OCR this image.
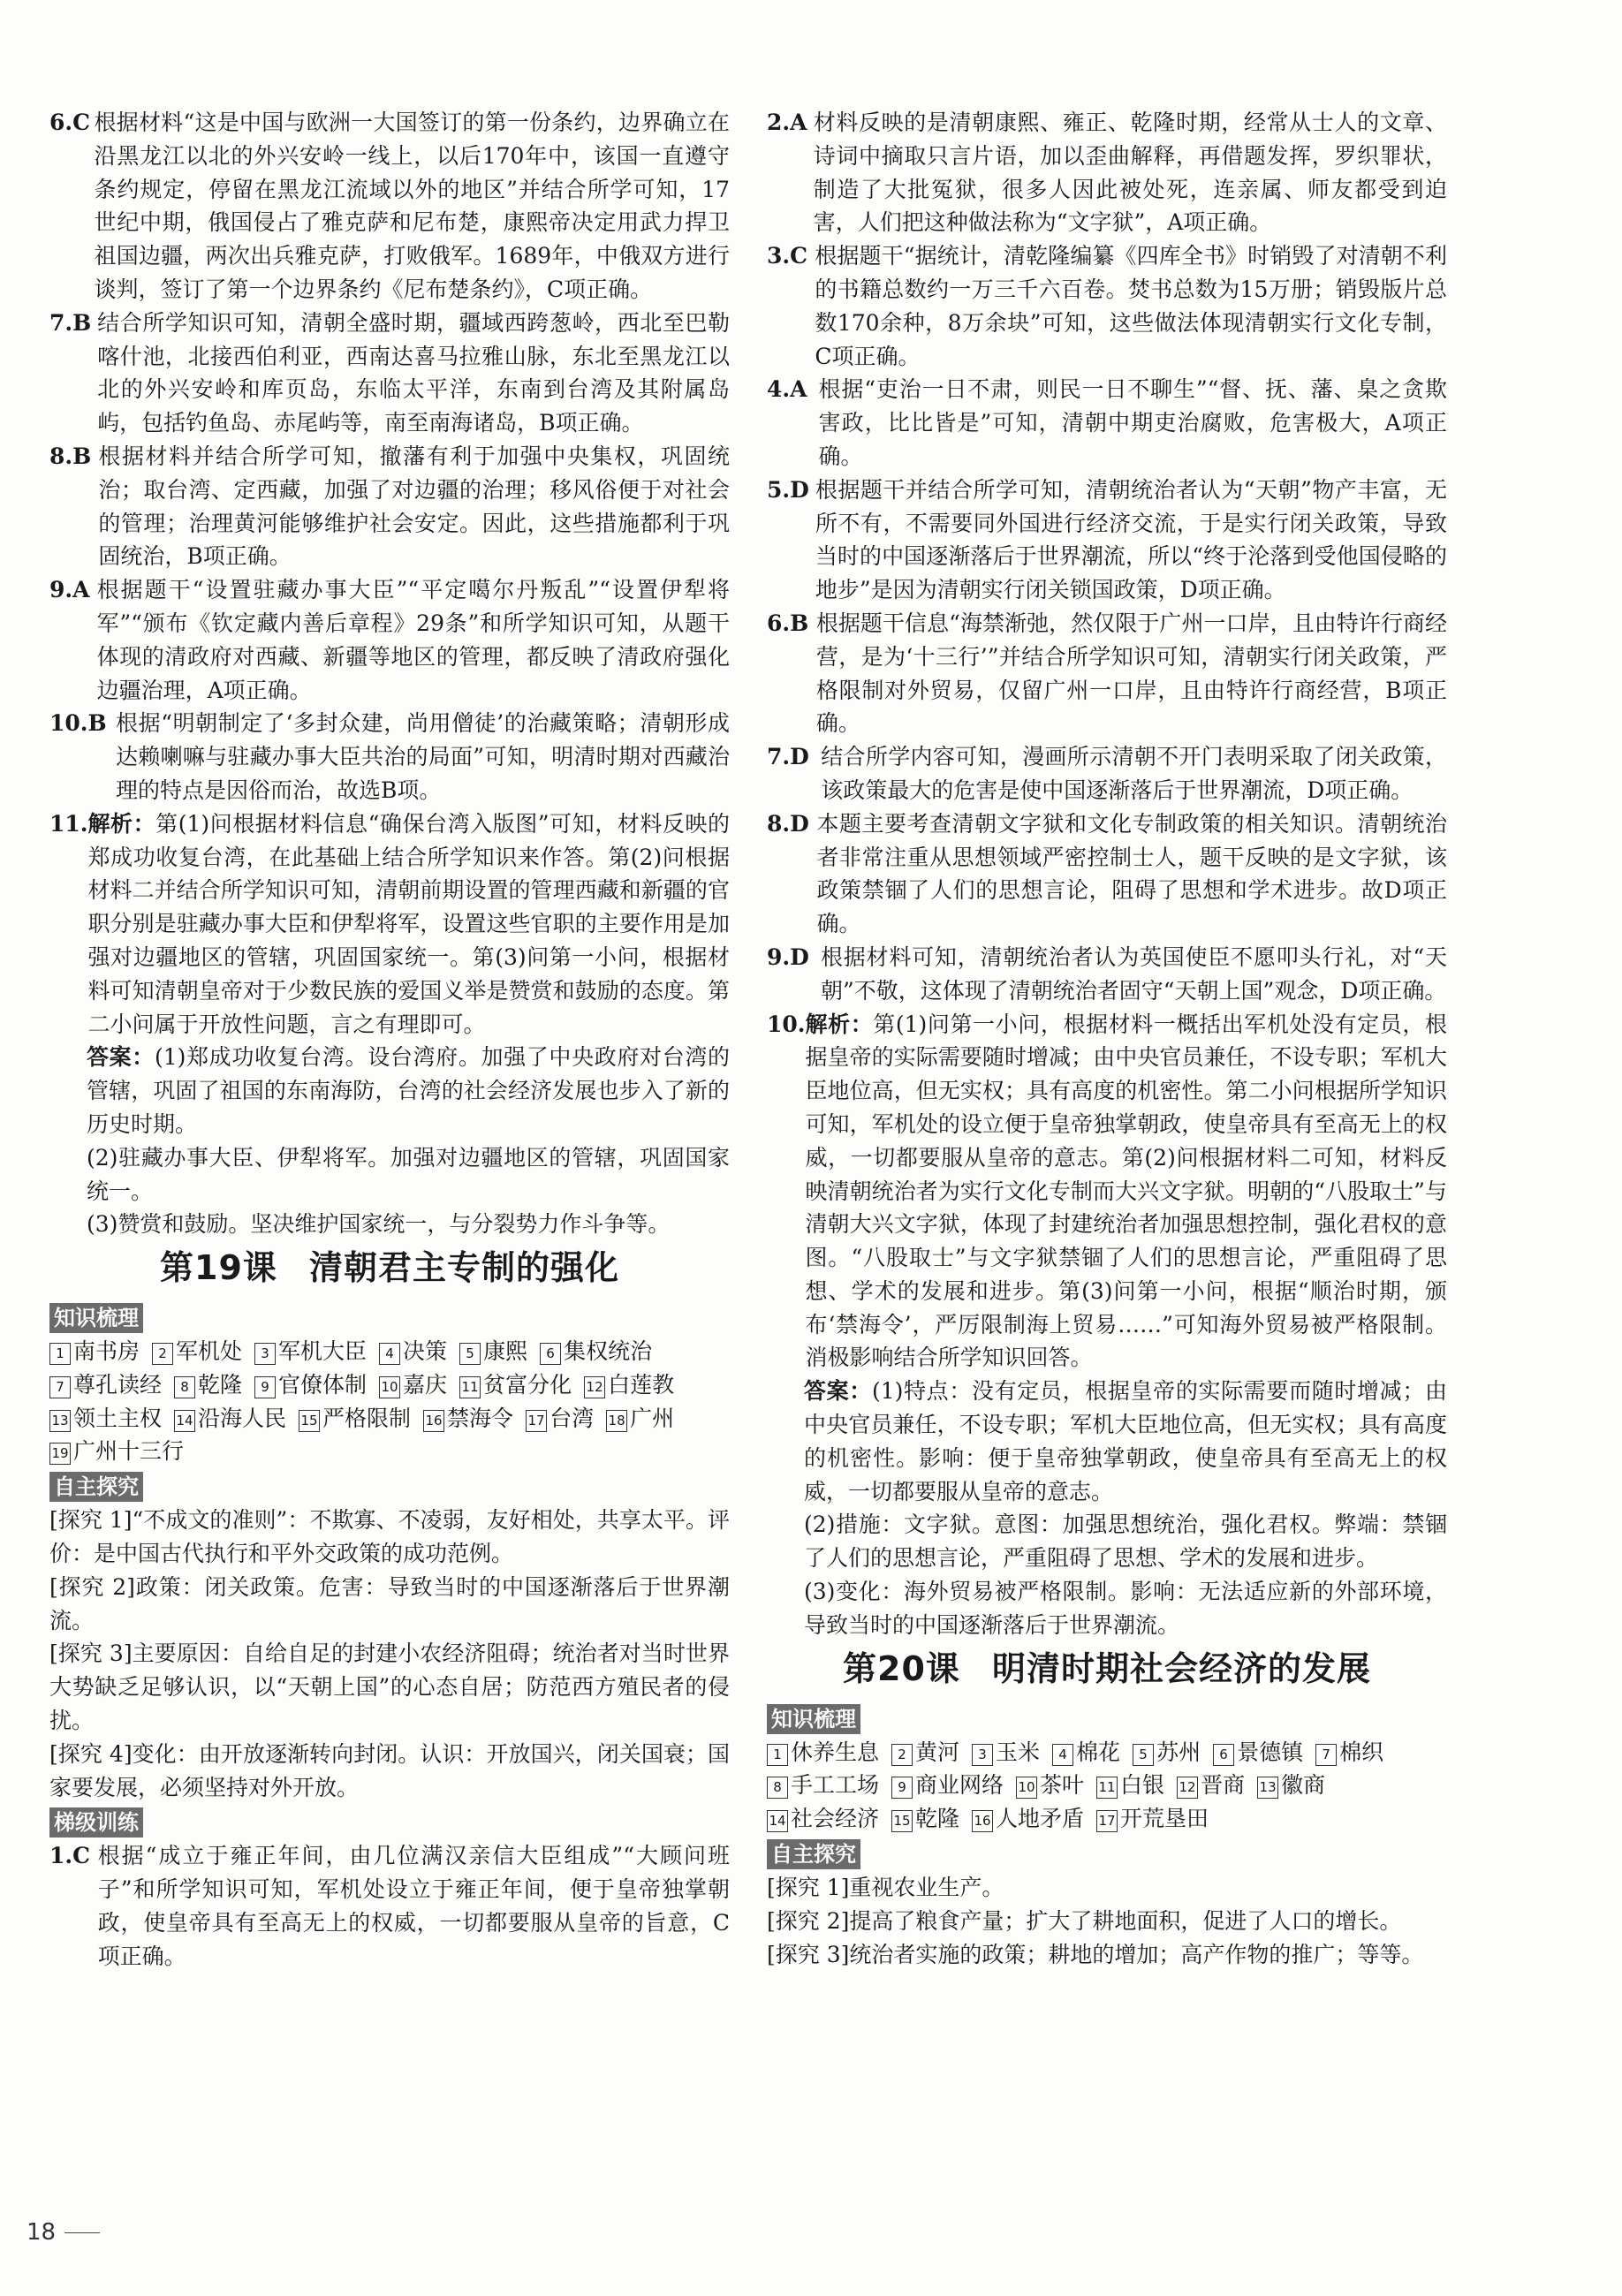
6.C 根据材料“这是中国与欧洲一大国签订的第一份条约，边界确立在沿黑龙江以北的外兴安岭一线上，以后170年中，该国一直遵守条约规定，停留在黑龙江流域以外的地区”并结合所学可知，17世纪中期，俄国侵占了雅克萨和尼布楚，康熙帝决定用武力捍卫祖国边疆，两次出兵雅克萨，打败俄军。1689年，中俄双方进行谈判，签订了第一个边界条约《尼布楚条约》，C项正确。
7.B 结合所学知识可知，清朝全盛时期，疆域西跨葱岭，西北至巴勒喀什池，北接西伯利亚，西南达喜马拉雅山脉，东北至黑龙江以北的外兴安岭和库页岛，东临太平洋，东南到台湾及其附属岛屿，包括钓鱼岛、赤尾屿等，南至南海诸岛，B项正确。
8.B 根据材料并结合所学可知，撤藩有利于加强中央集权，巩固统治；取台湾、定西藏，加强了对边疆的治理；移风俗便于对社会的管理；治理黄河能够维护社会安定。因此，这些措施都利于巩固统治，B项正确。
9.A 根据题干“设置驻藏办事大臣”“平定噶尔丹叛乱”“设置伊犁将军”“颁布《钦定藏内善后章程》29条”和所学知识可知，从题干体现的清政府对西藏、新疆等地区的管理，都反映了清政府强化边疆治理，A项正确。
10.B 根据“明朝制定了‘多封众建，尚用僧徒’的治藏策略；清朝形成达赖喇嘛与驻藏办事大臣共治的局面”可知，明清时期对西藏治理的特点是因俗而治，故选B项。
11. 解析：第(1)问根据材料信息“确保台湾入版图”可知，材料反映的郑成功收复台湾，在此基础上结合所学知识来作答。第(2)问根据材料二并结合所学知识可知，清朝前期设置的管理西藏和新疆的官职分别是驻藏办事大臣和伊犁将军，设置这些官职的主要作用是加强对边疆地区的管辖，巩固国家统一。第(3)问第一小问，根据材料可知清朝皇帝对于少数民族的爱国义举是赞赏和鼓励的态度。第二小问属于开放性问题，言之有理即可。
答案：(1)郑成功收复台湾。设台湾府。加强了中央政府对台湾的管辖，巩固了祖国的东南海防，台湾的社会经济发展也步入了新的历史时期。
(2)驻藏办事大臣、伊犁将军。加强对边疆地区的管辖，巩固国家统一。
(3)赞赏和鼓励。坚决维护国家统一，与分裂势力作斗争等。
第19课 清朝君主专制的强化
知识梳理
1 南书房 2 军机处 3 军机大臣 4 决策 5 康熙 6 集权统治7 尊孔读经 8 乾隆 9 官僚体制 10 嘉庆 11 贫富分化 12 白莲教13 领土主权 14 沿海人民 15 严格限制 16 禁海令 17 台湾 18 广州19 广州十三行
自主探究
[探究 1]“不成文的准则”：不欺寡、不凌弱，友好相处，共享太平。评价：是中国古代执行和平外交政策的成功范例。
[探究 2]政策：闭关政策。危害：导致当时的中国逐渐落后于世界潮流。
[探究 3]主要原因：自给自足的封建小农经济阻碍；统治者对当时世界大势缺乏足够认识，以“天朝上国”的心态自居；防范西方殖民者的侵扰。
[探究 4]变化：由开放逐渐转向封闭。认识：开放国兴，闭关国衰；国家要发展，必须坚持对外开放。
梯级训练
1.C 根据“成立于雍正年间，由几位满汉亲信大臣组成”“大顾问班子”和所学知识可知，军机处设立于雍正年间，便于皇帝独掌朝政，使皇帝具有至高无上的权威，一切都要服从皇帝的旨意，C项正确。
2.A 材料反映的是清朝康熙、雍正、乾隆时期，经常从士人的文章、诗词中摘取只言片语，加以歪曲解释，再借题发挥，罗织罪状，制造了大批冤狱，很多人因此被处死，连亲属、师友都受到迫害，人们把这种做法称为“文字狱”，A项正确。
3.C 根据题干“据统计，清乾隆编纂《四库全书》时销毁了对清朝不利的书籍总数约一万三千六百卷。焚书总数为15万册；销毁版片总数170余种，8万余块”可知，这些做法体现清朝实行文化专制，C项正确。
4.A 根据“吏治一日不肃，则民一日不聊生”“督、抚、藩、臬之贪欺害政，比比皆是”可知，清朝中期吏治腐败，危害极大，A项正确。
5.D 根据题干并结合所学可知，清朝统治者认为“天朝”物产丰富，无所不有，不需要同外国进行经济交流，于是实行闭关政策，导致当时的中国逐渐落后于世界潮流，所以“终于沦落到受他国侵略的地步”是因为清朝实行闭关锁国政策，D项正确。
6.B 根据题干信息“海禁渐弛，然仅限于广州一口岸，且由特许行商经营，是为‘十三行’”并结合所学知识可知，清朝实行闭关政策，严格限制对外贸易，仅留广州一口岸，且由特许行商经营，B项正确。
7.D 结合所学内容可知，漫画所示清朝不开门表明采取了闭关政策，该政策最大的危害是使中国逐渐落后于世界潮流，D项正确。
8.D 本题主要考查清朝文字狱和文化专制政策的相关知识。清朝统治者非常注重从思想领域严密控制士人，题干反映的是文字狱，该政策禁锢了人们的思想言论，阻碍了思想和学术进步。故D项正确。
9.D 根据材料可知，清朝统治者认为英国使臣不愿叩头行礼，对“天朝”不敬，这体现了清朝统治者固守“天朝上国”观念，D项正确。
10. 解析：第(1)问第一小问，根据材料一概括出军机处没有定员，根据皇帝的实际需要随时增减；由中央官员兼任，不设专职；军机大臣地位高，但无实权；具有高度的机密性。第二小问根据所学知识可知，军机处的设立便于皇帝独掌朝政，使皇帝具有至高无上的权威，一切都要服从皇帝的意志。第(2)问根据材料二可知，材料反映清朝统治者为实行文化专制而大兴文字狱。明朝的“八股取士”与清朝大兴文字狱，体现了封建统治者加强思想控制，强化君权的意图。“八股取士”与文字狱禁锢了人们的思想言论，严重阻碍了思想、学术的发展和进步。第(3)问第一小问，根据“顺治时期，颁布‘禁海令’，严厉限制海上贸易……”可知海外贸易被严格限制。消极影响结合所学知识回答。
答案：(1)特点：没有定员，根据皇帝的实际需要而随时增减；由中央官员兼任，不设专职；军机大臣地位高，但无实权；具有高度的机密性。影响：便于皇帝独掌朝政，使皇帝具有至高无上的权威，一切都要服从皇帝的意志。
(2)措施：文字狱。意图：加强思想统治，强化君权。弊端：禁锢了人们的思想言论，严重阻碍了思想、学术的发展和进步。
(3)变化：海外贸易被严格限制。影响：无法适应新的外部环境，导致当时的中国逐渐落后于世界潮流。
第20课 明清时期社会经济的发展
知识梳理
1 休养生息 2 黄河 3 玉米 4 棉花 5 苏州 6 景德镇 7 棉织8 手工工场 9 商业网络 10 茶叶 11 白银 12 晋商 13 徽商14 社会经济 15 乾隆 16 人地矛盾 17 开荒垦田
自主探究
[探究 1]重视农业生产。
[探究 2]提高了粮食产量；扩大了耕地面积，促进了人口的增长。
[探究 3]统治者实施的政策；耕地的增加；高产作物的推广；等等。
18
